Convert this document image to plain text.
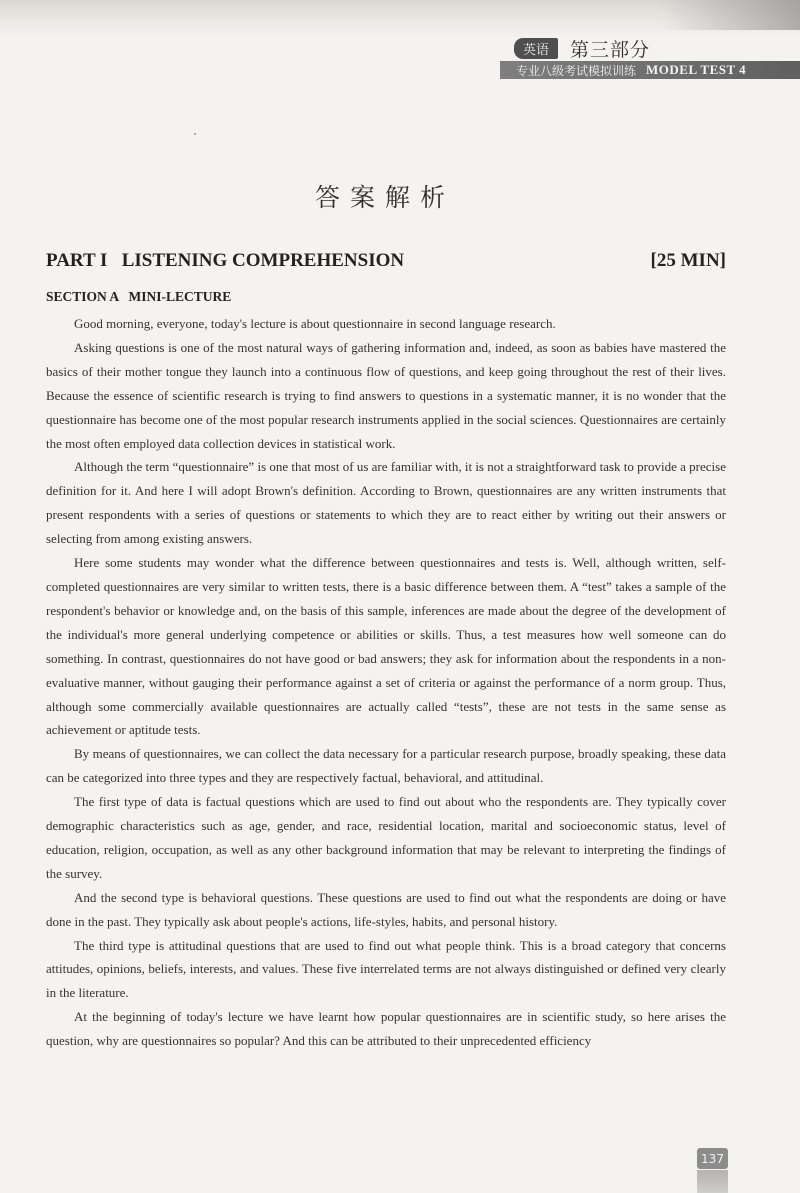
英语	第三部分
专业八级考试模拟训练 MODEL TEST 4
答案解析
PART I   LISTENING COMPREHENSION	[25 MIN]
SECTION A   MINI-LECTURE

Good morning, everyone, today's lecture is about questionnaire in second language research.

Asking questions is one of the most natural ways of gathering information and, indeed, as soon as babies have mastered the basics of their mother tongue they launch into a continuous flow of questions, and keep going throughout the rest of their lives. Because the essence of scientific research is trying to find answers to questions in a systematic manner, it is no wonder that the questionnaire has become one of the most popular research instruments applied in the social sciences. Questionnaires are certainly the most often employed data collection devices in statistical work.

Although the term “questionnaire” is one that most of us are familiar with, it is not a straightforward task to provide a precise definition for it. And here I will adopt Brown's definition. According to Brown, questionnaires are any written instruments that present respondents with a series of questions or statements to which they are to react either by writing out their answers or selecting from among existing answers.

Here some students may wonder what the difference between questionnaires and tests is. Well, although written, self-completed questionnaires are very similar to written tests, there is a basic difference between them. A “test” takes a sample of the respondent's behavior or knowledge and, on the basis of this sample, inferences are made about the degree of the development of the individual's more general underlying competence or abilities or skills. Thus, a test measures how well someone can do something. In contrast, questionnaires do not have good or bad answers; they ask for information about the respondents in a non-evaluative manner, without gauging their performance against a set of criteria or against the performance of a norm group. Thus, although some commercially available questionnaires are actually called “tests”, these are not tests in the same sense as achievement or aptitude tests.

By means of questionnaires, we can collect the data necessary for a particular research purpose, broadly speaking, these data can be categorized into three types and they are respectively factual, behavioral, and attitudinal.

The first type of data is factual questions which are used to find out about who the respondents are. They typically cover demographic characteristics such as age, gender, and race, residential location, marital and socioeconomic status, level of education, religion, occupation, as well as any other background information that may be relevant to interpreting the findings of the survey.

And the second type is behavioral questions. These questions are used to find out what the respondents are doing or have done in the past. They typically ask about people's actions, life-styles, habits, and personal history.

The third type is attitudinal questions that are used to find out what people think. This is a broad category that concerns attitudes, opinions, beliefs, interests, and values. These five interrelated terms are not always distinguished or defined very clearly in the literature.

At the beginning of today's lecture we have learnt how popular questionnaires are in scientific study, so here arises the question, why are questionnaires so popular? And this can be attributed to their unprecedented efficiency

137
